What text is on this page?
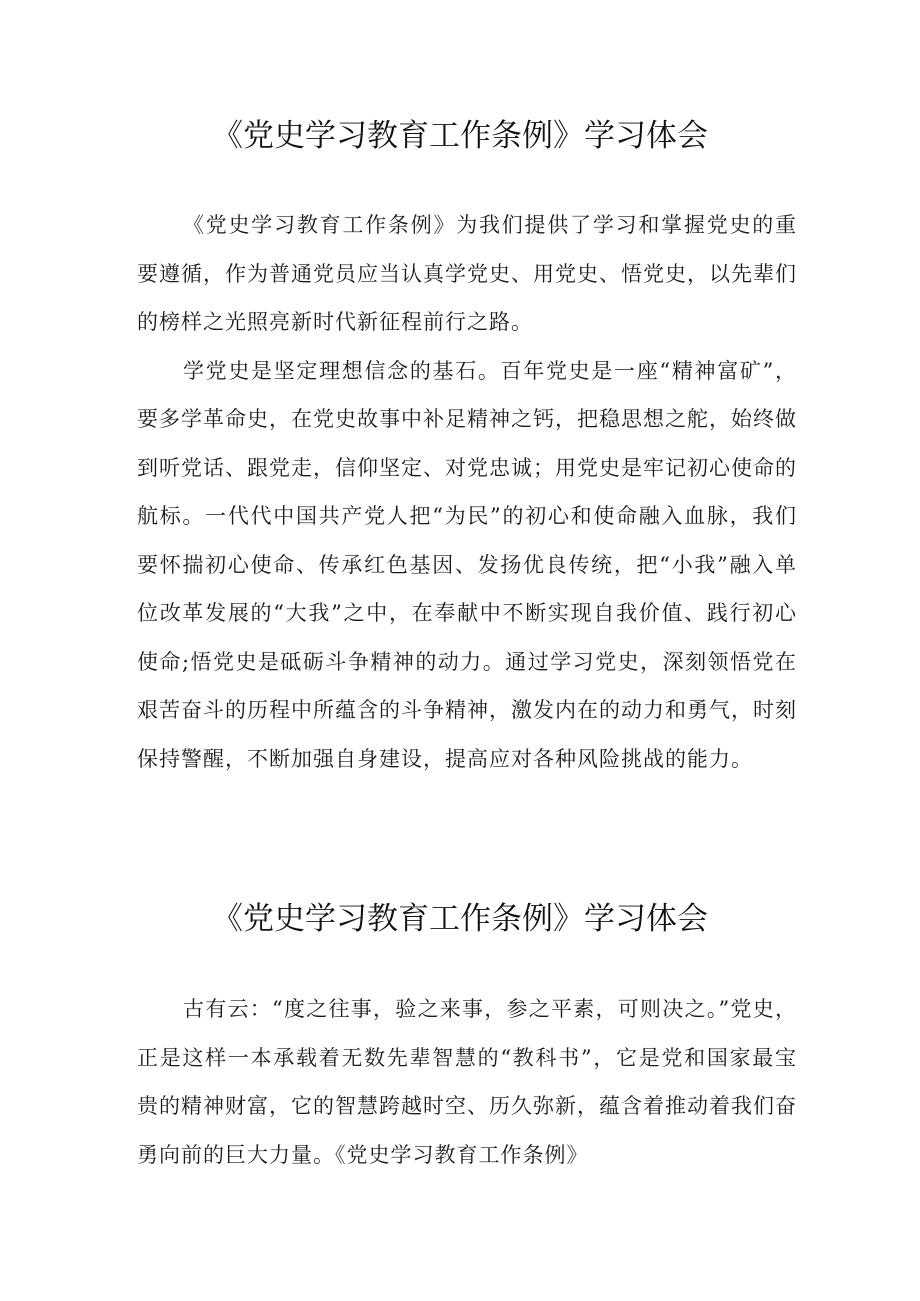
《党史学习教育工作条例》学习体会

《党史学习教育工作条例》为我们提供了学习和掌握党史的重要遵循，作为普通党员应当认真学党史、用党史、悟党史，以先辈们的榜样之光照亮新时代新征程前行之路。

学党史是坚定理想信念的基石。百年党史是一座“精神富矿”，要多学革命史，在党史故事中补足精神之钙，把稳思想之舵，始终做到听党话、跟党走，信仰坚定、对党忠诚；用党史是牢记初心使命的航标。一代代中国共产党人把“为民”的初心和使命融入血脉，我们要怀揣初心使命、传承红色基因、发扬优良传统，把“小我”融入单位改革发展的“大我”之中，在奉献中不断实现自我价值、践行初心使命;悟党史是砥砺斗争精神的动力。通过学习党史，深刻领悟党在艰苦奋斗的历程中所蕴含的斗争精神，激发内在的动力和勇气，时刻保持警醒，不断加强自身建设，提高应对各种风险挑战的能力。

《党史学习教育工作条例》学习体会

古有云：“度之往事，验之来事，参之平素，可则决之。”党史，正是这样一本承载着无数先辈智慧的“教科书”，它是党和国家最宝贵的精神财富，它的智慧跨越时空、历久弥新，蕴含着推动着我们奋勇向前的巨大力量。《党史学习教育工作条例》
